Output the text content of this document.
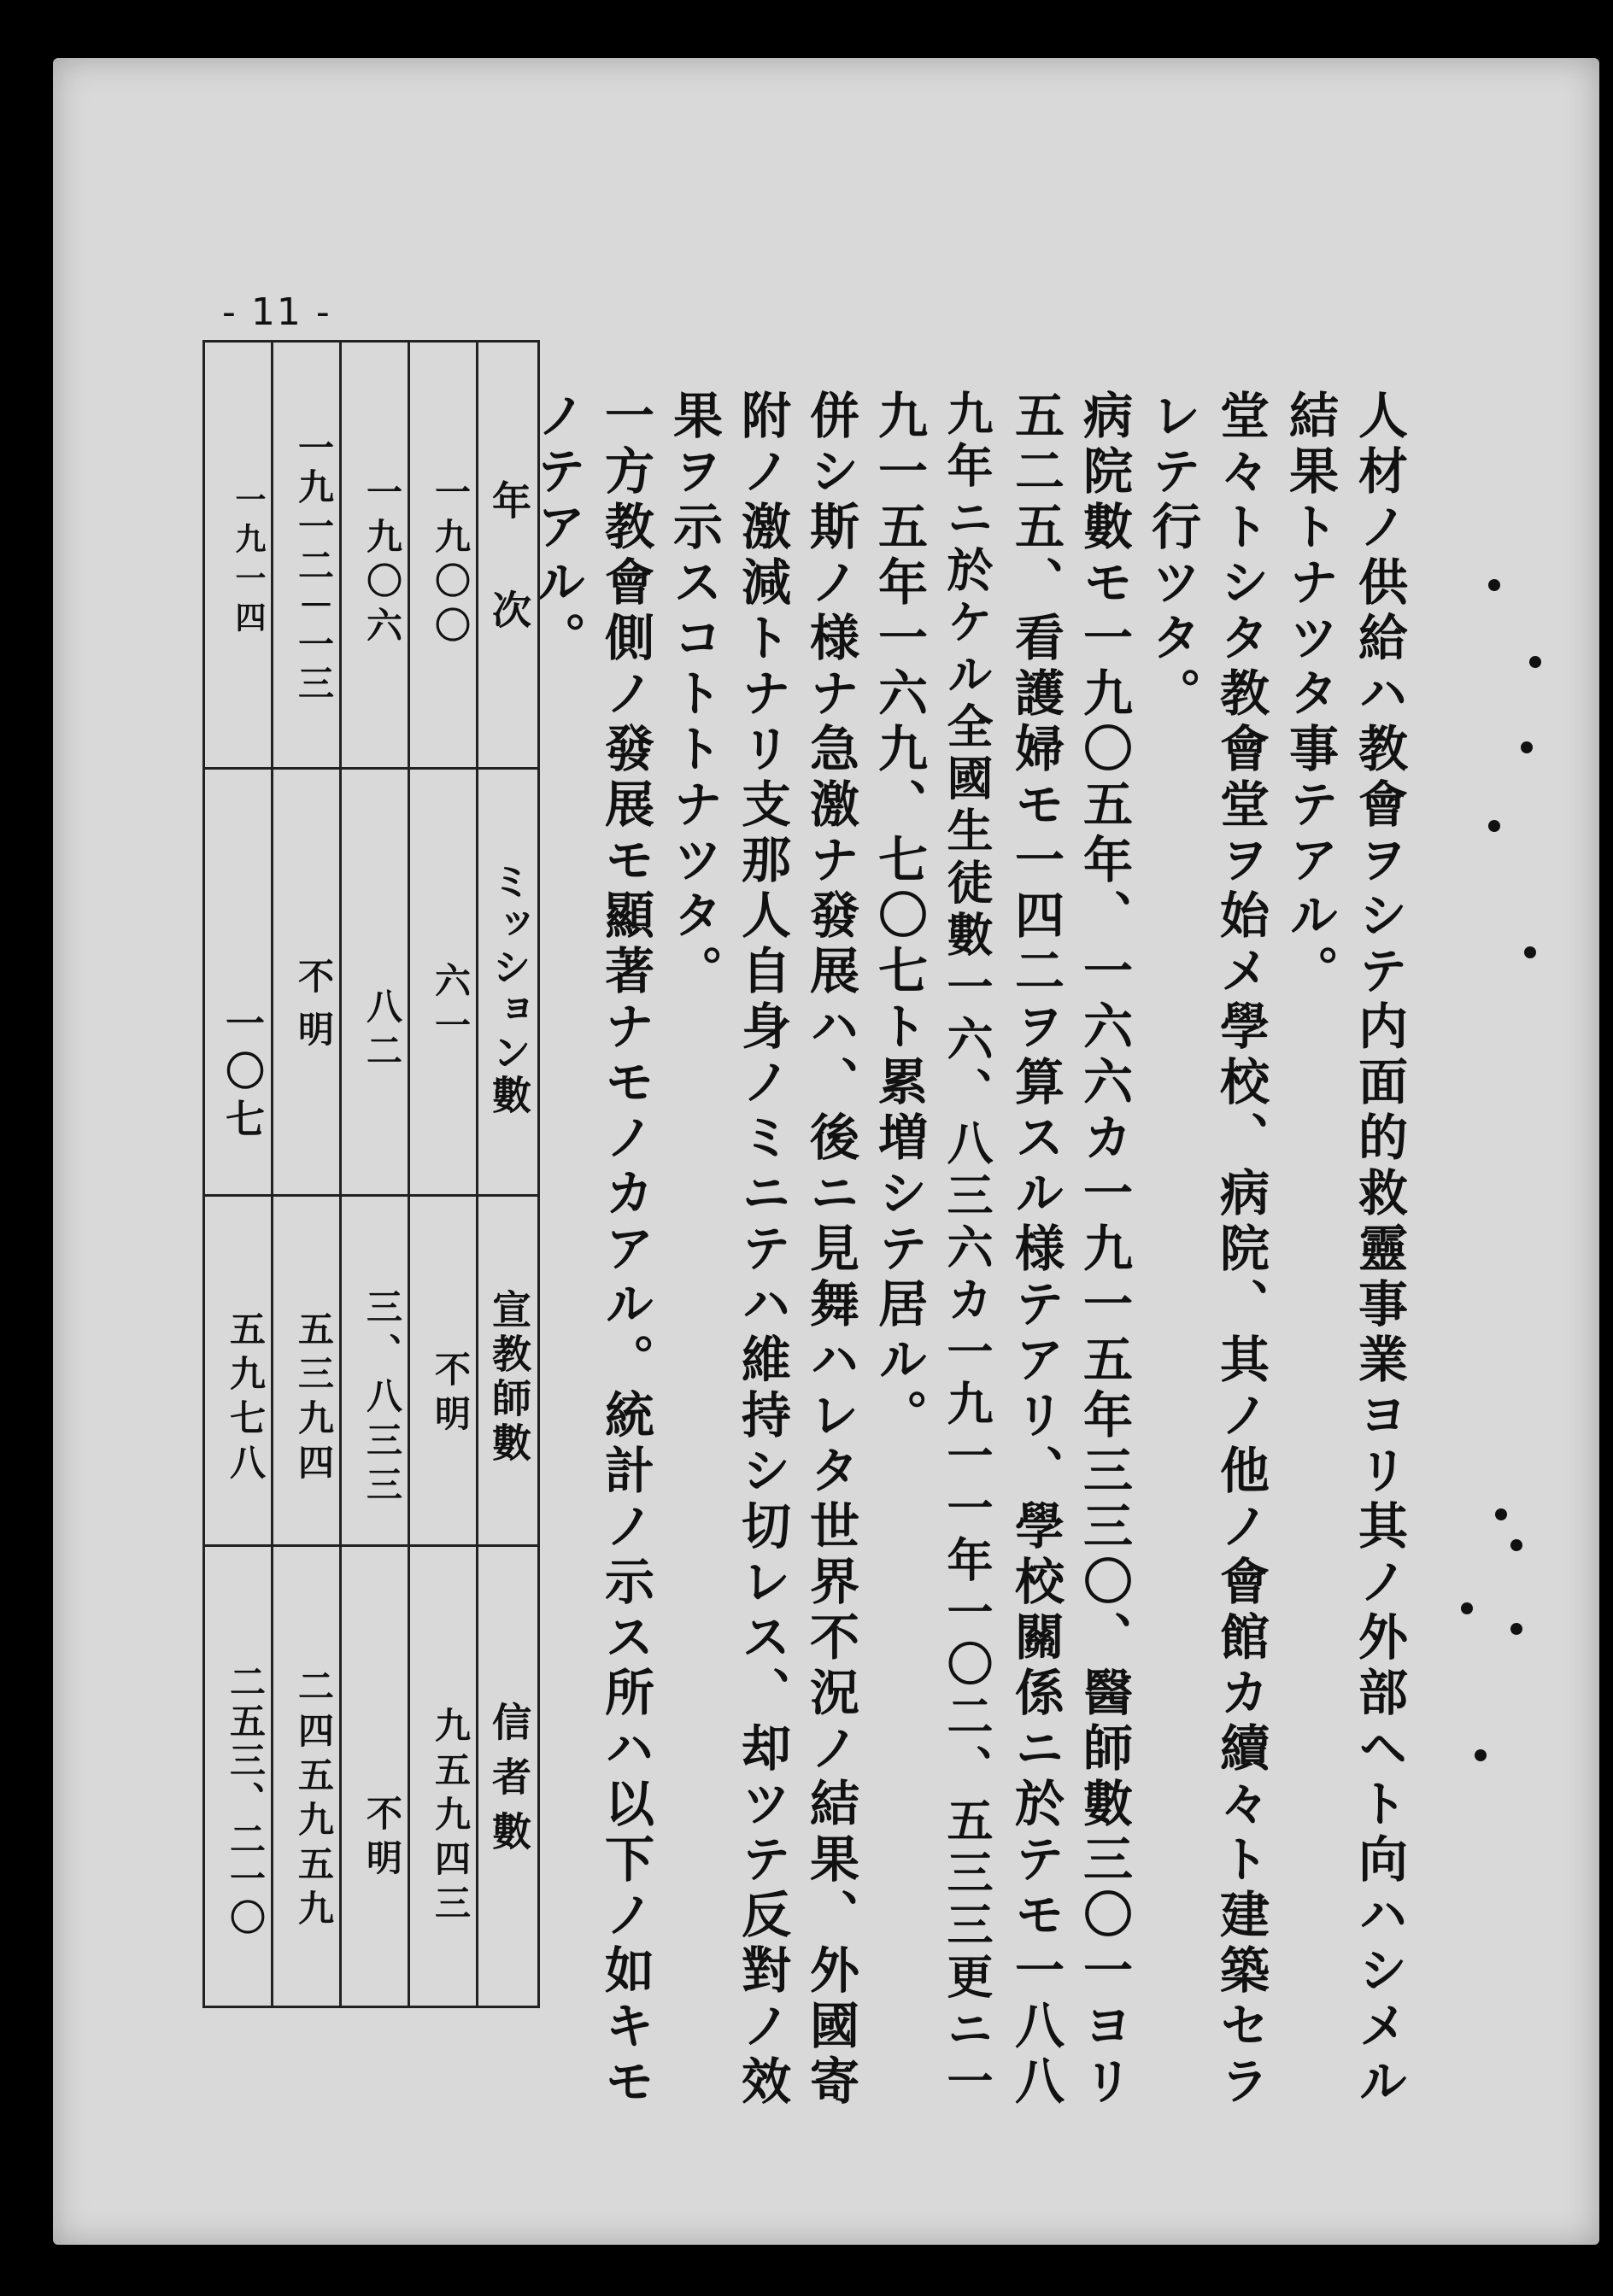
- 11 -
人材ノ供給ハ教會ヲシテ内面的救靈事業ヨリ其ノ外部ヘト向ハシメル
結果トナツタ事テアル。
堂々トシタ教會堂ヲ始メ學校、病院、其ノ他ノ會館カ續々ト建築セラ
レテ行ツタ。
病院數モ一九〇五年、一六六カ一九一五年三三〇、醫師數三〇一ヨリ
五二五、看護婦モ一四二ヲ算スル様テアリ、學校關係ニ於テモ一八八
九年ニ於ケル全國生徒數一六、八三六カ一九一一年一〇二、五三三更ニ一
九一五年一六九、七〇七ト累増シテ居ル。
併シ斯ノ様ナ急激ナ發展ハ、後ニ見舞ハレタ世界不況ノ結果、外國寄
附ノ激減トナリ支那人自身ノミニテハ維持シ切レス、却ツテ反對ノ效
果ヲ示スコトトナツタ。
一方教會側ノ發展モ顯著ナモノカアル。統計ノ示ス所ハ以下ノ如キモ
ノテアル。
年　次
ミッション數
宣教師數
信者數
一九〇〇
六一
不明
九五九四三
一九〇六
八二
三、八三三
不明
一九一二－一三
不明
五三九四
二四五九五九
一九一四
一〇七
五九七八
二五三、二一〇
